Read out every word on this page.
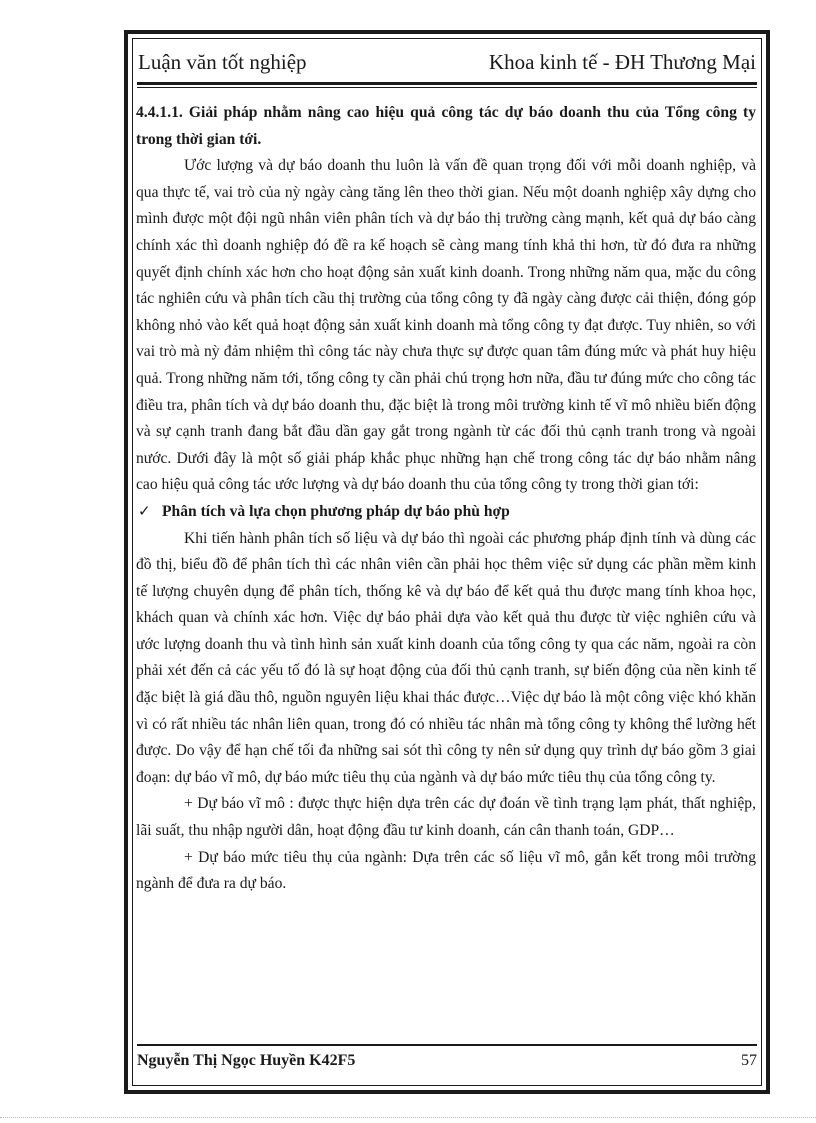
Luận văn tốt nghiệp	Khoa kinh tế - ĐH Thương Mại

4.4.1.1. Giải pháp nhằm nâng cao hiệu quả công tác dự báo doanh thu của Tổng công ty trong thời gian tới.

Ước lượng và dự báo doanh thu luôn là vấn đề quan trọng đối với mỗi doanh nghiệp, và qua thực tế, vai trò của nỳ ngày càng tăng lên theo thời gian. Nếu một doanh nghiệp xây dựng cho mình được một đội ngũ nhân viên phân tích và dự báo thị trường càng mạnh, kết quả dự báo càng chính xác thì doanh nghiệp đó đề ra kế hoạch sẽ càng mang tính khả thi hơn, từ đó đưa ra những quyết định chính xác hơn cho hoạt động sản xuất kinh doanh. Trong những năm qua, mặc du công tác nghiên cứu và phân tích cầu thị trường của tổng công ty đã ngày càng được cải thiện, đóng góp không nhỏ vào kết quả hoạt động sản xuất kinh doanh mà tổng công ty đạt được. Tuy nhiên, so với vai trò mà nỳ đảm nhiệm thì công tác này chưa thực sự được quan tâm đúng mức và phát huy hiệu quả. Trong những năm tới, tổng công ty cần phải chú trọng hơn nữa, đầu tư đúng mức cho công tác điều tra, phân tích và dự báo doanh thu, đặc biệt là trong môi trường kinh tế vĩ mô nhiều biến động và sự cạnh tranh đang bắt đầu dần gay gắt trong ngành từ các đối thủ cạnh tranh trong và ngoài nước. Dưới đây là một số giải pháp khắc phục những hạn chế trong công tác dự báo nhằm nâng cao hiệu quả công tác ước lượng và dự báo doanh thu của tổng công ty trong thời gian tới:

✓ Phân tích và lựa chọn phương pháp dự báo phù hợp

Khi tiến hành phân tích số liệu và dự báo thì ngoài các phương pháp định tính và dùng các đồ thị, biểu đồ để phân tích thì các nhân viên cần phải học thêm việc sử dụng các phần mềm kinh tế lượng chuyên dụng để phân tích, thống kê và dự báo để kết quả thu được mang tính khoa học, khách quan và chính xác hơn. Việc dự báo phải dựa vào kết quả thu được từ việc nghiên cứu và ước lượng doanh thu và tình hình sản xuất kinh doanh của tổng công ty qua các năm, ngoài ra còn phải xét đến cả các yếu tố đó là sự hoạt động của đối thủ cạnh tranh, sự biến động của nền kinh tế đặc biệt là giá dầu thô, nguồn nguyên liệu khai thác được…Việc dự báo là một công việc khó khăn vì có rất nhiều tác nhân liên quan, trong đó có nhiều tác nhân mà tổng công ty không thể lường hết được. Do vậy để hạn chế tối đa những sai sót thì công ty nên sử dụng quy trình dự báo gồm 3 giai đoạn: dự báo vĩ mô, dự báo mức tiêu thụ của ngành và dự báo mức tiêu thụ của tổng công ty.

+ Dự báo vĩ mô : được thực hiện dựa trên các dự đoán về tình trạng lạm phát, thất nghiệp, lãi suất, thu nhập người dân, hoạt động đầu tư kinh doanh, cán cân thanh toán, GDP…

+ Dự báo mức tiêu thụ của ngành: Dựa trên các số liệu vĩ mô, gắn kết trong môi trường ngành để đưa ra dự báo.

Nguyễn Thị Ngọc Huyền K42F5	57
